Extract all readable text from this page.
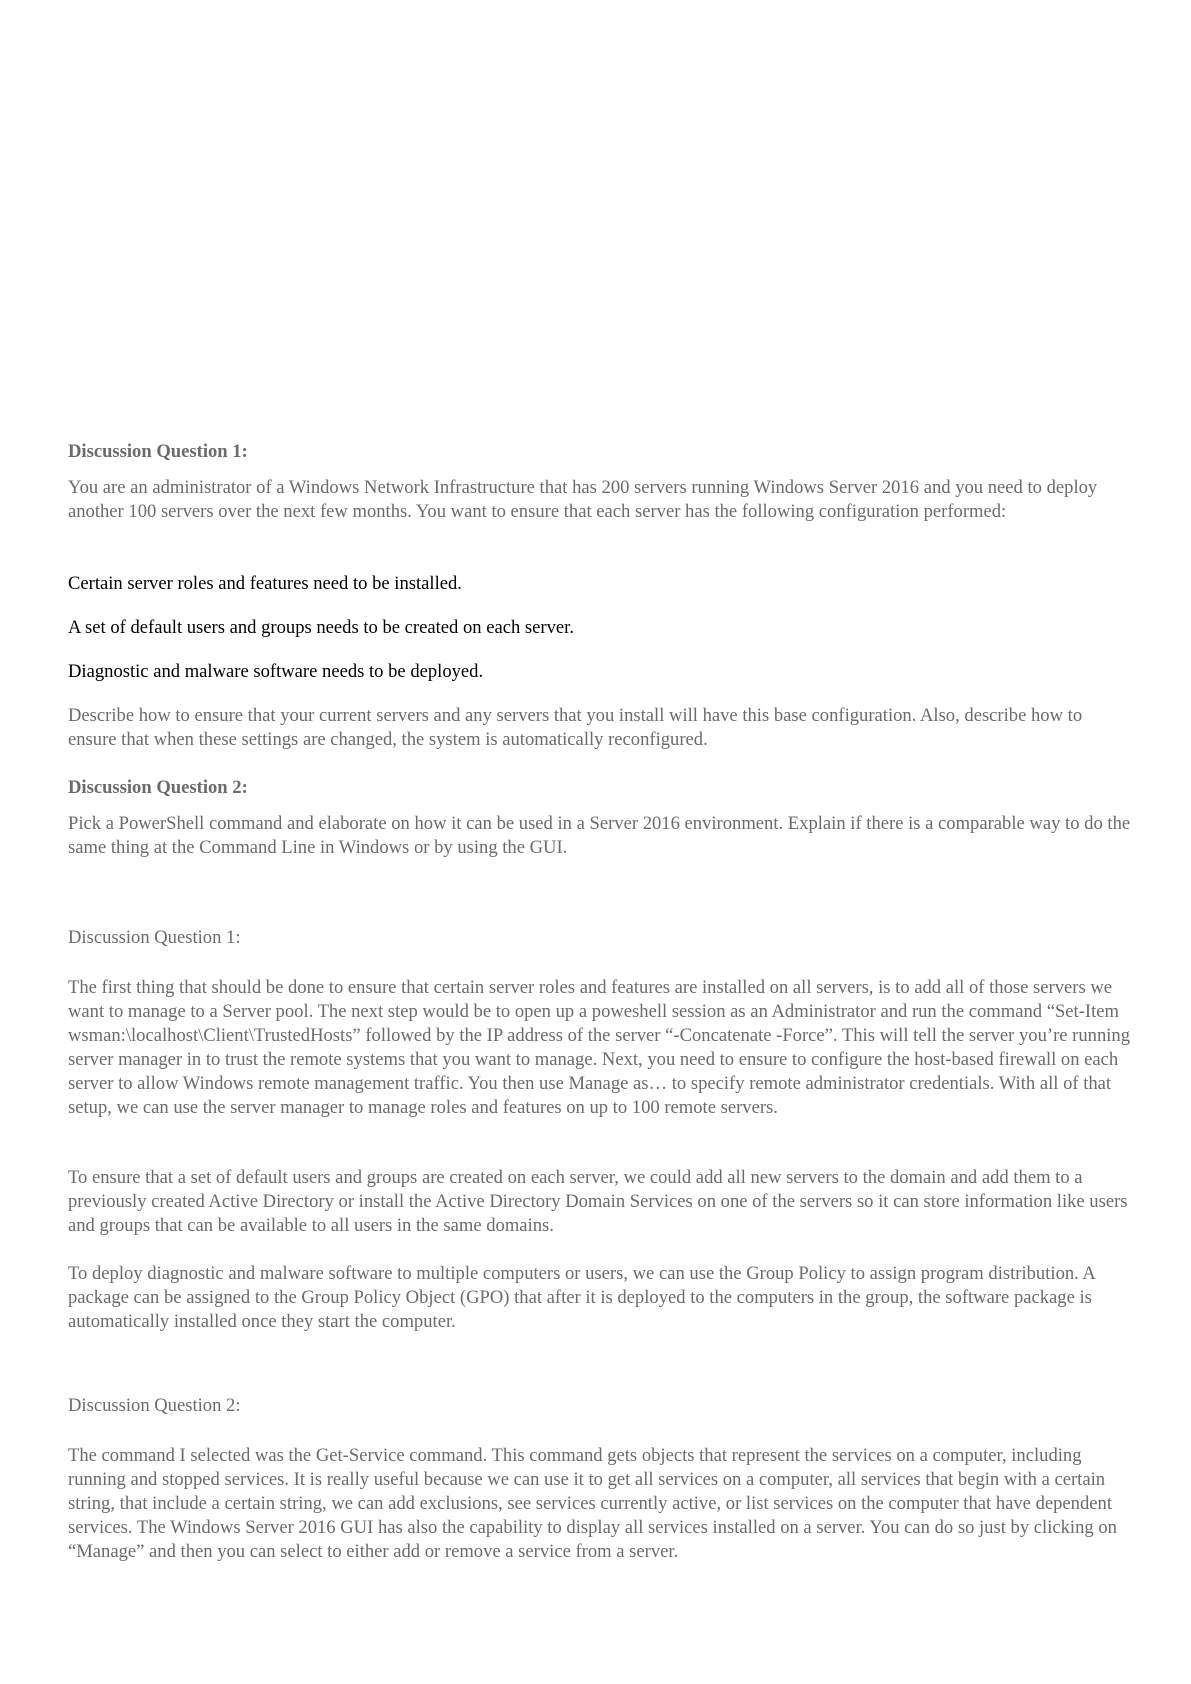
Discussion Question 1:

You are an administrator of a Windows Network Infrastructure that has 200 servers running Windows Server 2016 and you need to deploy another 100 servers over the next few months. You want to ensure that each server has the following configuration performed:

Certain server roles and features need to be installed.

A set of default users and groups needs to be created on each server.

Diagnostic and malware software needs to be deployed.

Describe how to ensure that your current servers and any servers that you install will have this base configuration. Also, describe how to ensure that when these settings are changed, the system is automatically reconfigured.

Discussion Question 2:

Pick a PowerShell command and elaborate on how it can be used in a Server 2016 environment. Explain if there is a comparable way to do the same thing at the Command Line in Windows or by using the GUI.

Discussion Question 1:

The first thing that should be done to ensure that certain server roles and features are installed on all servers, is to add all of those servers we want to manage to a Server pool. The next step would be to open up a poweshell session as an Administrator and run the command “Set-Item wsman:\localhost\Client\TrustedHosts” followed by the IP address of the server “-Concatenate -Force”. This will tell the server you’re running server manager in to trust the remote systems that you want to manage. Next, you need to ensure to configure the host-based firewall on each server to allow Windows remote management traffic. You then use Manage as… to specify remote administrator credentials. With all of that setup, we can use the server manager to manage roles and features on up to 100 remote servers.

To ensure that a set of default users and groups are created on each server, we could add all new servers to the domain and add them to a previously created Active Directory or install the Active Directory Domain Services on one of the servers so it can store information like users and groups that can be available to all users in the same domains.

To deploy diagnostic and malware software to multiple computers or users, we can use the Group Policy to assign program distribution. A package can be assigned to the Group Policy Object (GPO) that after it is deployed to the computers in the group, the software package is automatically installed once they start the computer.

Discussion Question 2:

The command I selected was the Get-Service command. This command gets objects that represent the services on a computer, including running and stopped services. It is really useful because we can use it to get all services on a computer, all services that begin with a certain string, that include a certain string, we can add exclusions, see services currently active, or list services on the computer that have dependent services. The Windows Server 2016 GUI has also the capability to display all services installed on a server. You can do so just by clicking on “Manage” and then you can select to either add or remove a service from a server.
